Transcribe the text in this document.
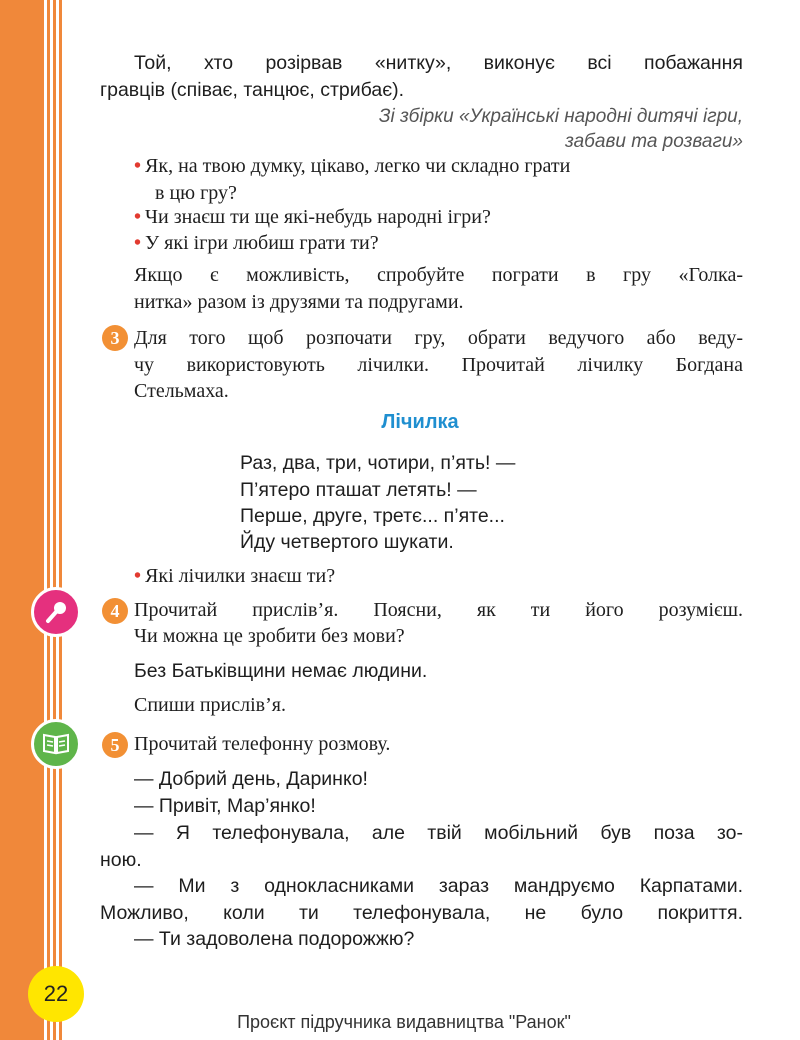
Той, хто розірвав «нитку», виконує всі побажання
гравців (співає, танцює, стрибає).
Зі збірки «Українські народні дитячі ігри,
забави та розваги»
• Як, на твою думку, цікаво, легко чи складно грати
в цю гру?
• Чи знаєш ти ще які-небудь народні ігри?
• У які ігри любиш грати ти?
Якщо є можливість, спробуйте пограти в гру «Голка-
нитка» разом із друзями та подругами.
3 Для того щоб розпочати гру, обрати ведучого або веду-
чу використовують лічилки. Прочитай лічилку Богдана
Стельмаха.
Лічилка
Раз, два, три, чотири, п’ять! —
П’ятеро пташат летять! —
Перше, друге, третє... п’яте...
Йду четвертого шукати.
• Які лічилки знаєш ти?
4 Прочитай прислів’я. Поясни, як ти його розумієш.
Чи можна це зробити без мови?
Без Батьківщини немає людини.
Спиши прислів’я.
5 Прочитай телефонну розмову.
— Добрий день, Даринко!
— Привіт, Мар’янко!
— Я телефонувала, але твій мобільний був поза зо-
ною.
— Ми з однокласниками зараз мандруємо Карпатами.
Можливо, коли ти телефонувала, не було покриття.
— Ти задоволена подорожжю?
22
Проєкт підручника видавництва "Ранок"
